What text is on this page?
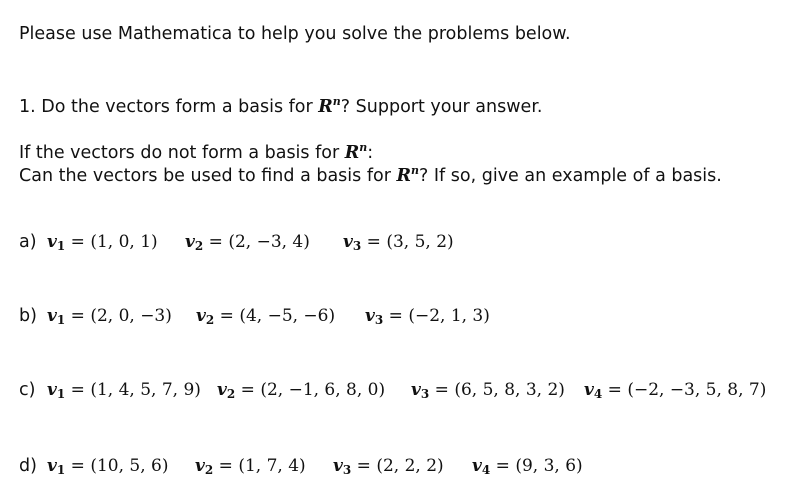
Please use Mathematica to help you solve the problems below.
1. Do the vectors form a basis for $R^n$? Support your answer.
If the vectors do not form a basis for $R^n$:
Can the vectors be used to find a basis for $R^n$? If so, give an example of a basis.
a) $v_1 = (1$, 0, 1) $v_2 = (2$, −3, 4) $v_3 = (3$, 5, 2)
b) $v_1 = (2$, 0, −3) $v_2 = (4$, −5, −6) $v_3 = (-2$, 1, 3)
c) $v_1 = (1$, 4, 5, 7, 9) $v_2 = (2$, −1, 6, 8, 0) $v_3 = (6$, 5, 8, 3, 2) $v_4 = (-2$, −3, 5, 8, 7)
d) $v_1 = (10$, 5, 6) $v_2 = (1$, 7, 4) $v_3 = (2$, 2, 2) $v_4 = (9$, 3, 6)
